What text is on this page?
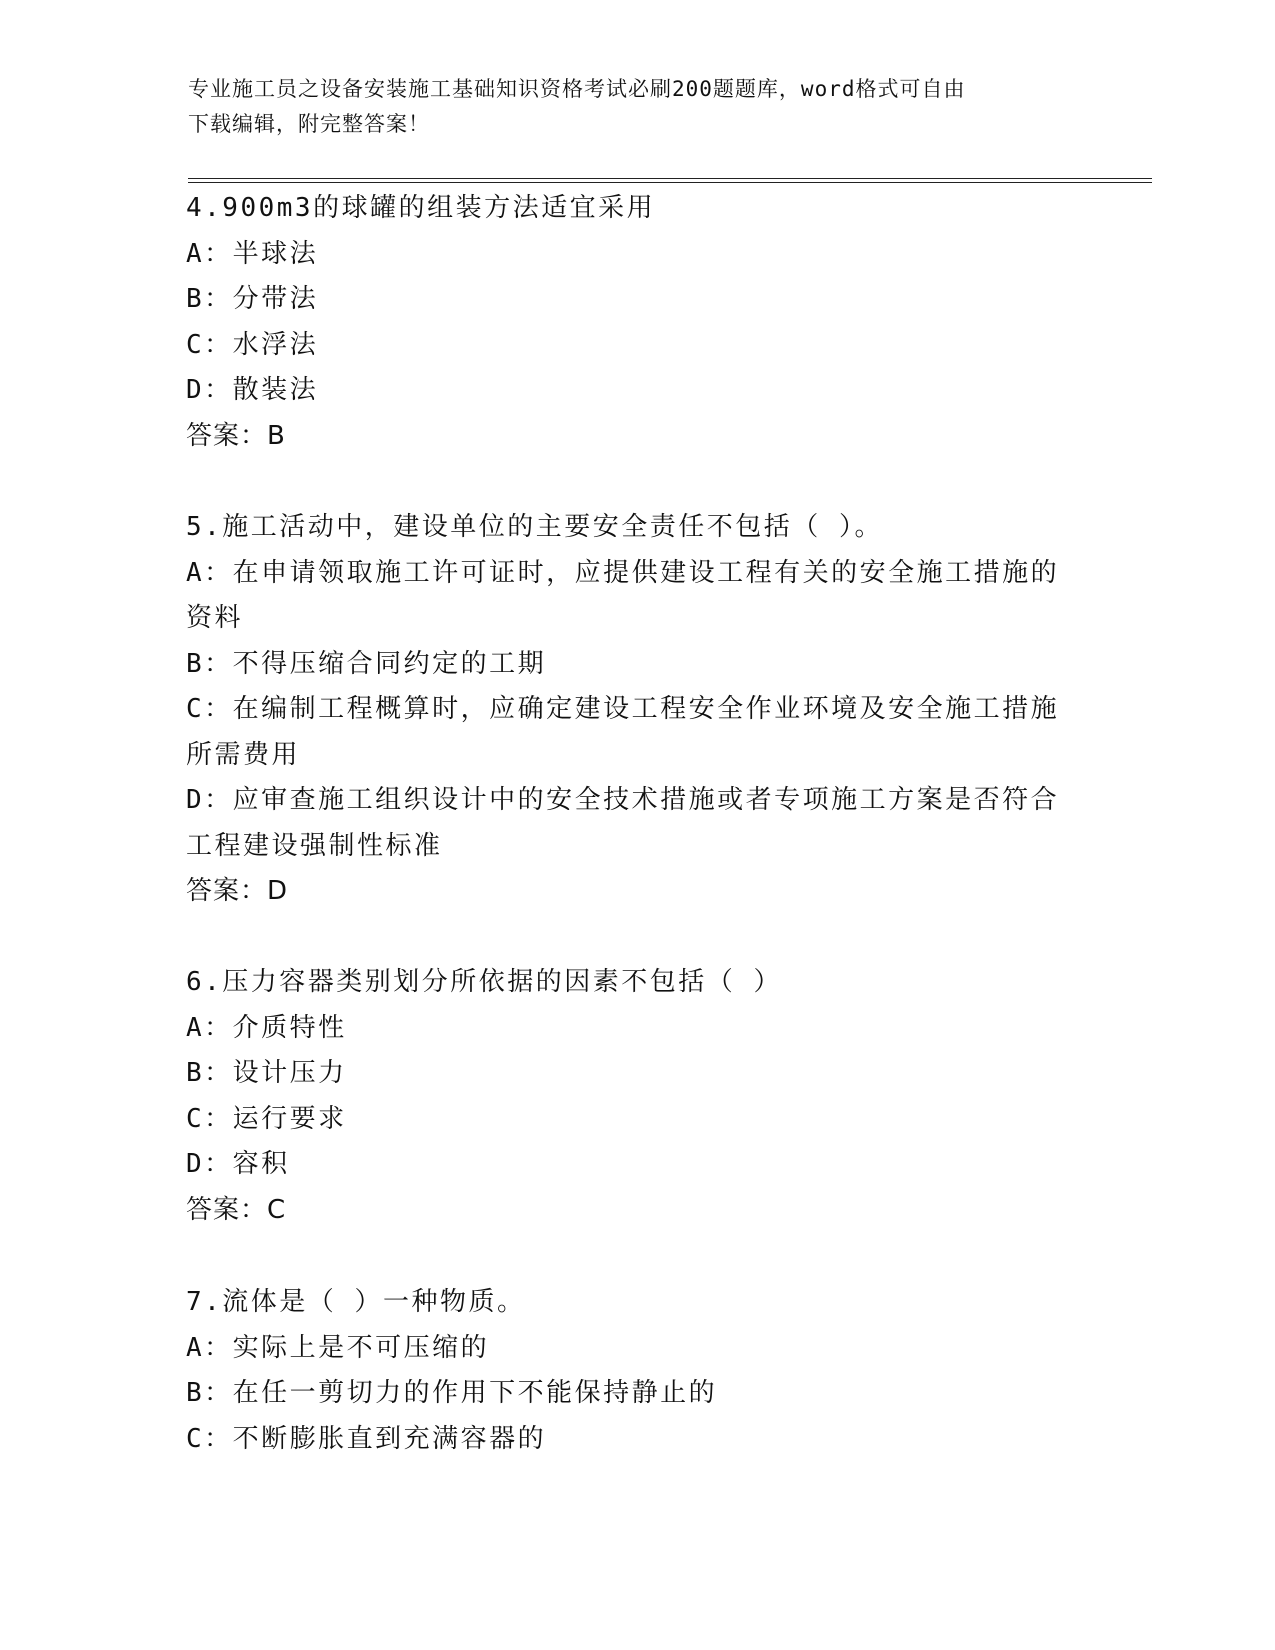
专业施工员之设备安装施工基础知识资格考试必刷200题题库，word格式可自由
下载编辑，附完整答案！
4.900m3的球罐的组装方法适宜采用
A：半球法
B：分带法
C：水浮法
D：散装法
答案：B
5.施工活动中，建设单位的主要安全责任不包括（ ）。
A：在申请领取施工许可证时，应提供建设工程有关的安全施工措施的
资料
B：不得压缩合同约定的工期
C：在编制工程概算时，应确定建设工程安全作业环境及安全施工措施
所需费用
D：应审查施工组织设计中的安全技术措施或者专项施工方案是否符合
工程建设强制性标准
答案：D
6.压力容器类别划分所依据的因素不包括（ ）
A：介质特性
B：设计压力
C：运行要求
D：容积
答案：C
7.流体是（ ）一种物质。
A：实际上是不可压缩的
B：在任一剪切力的作用下不能保持静止的
C：不断膨胀直到充满容器的
